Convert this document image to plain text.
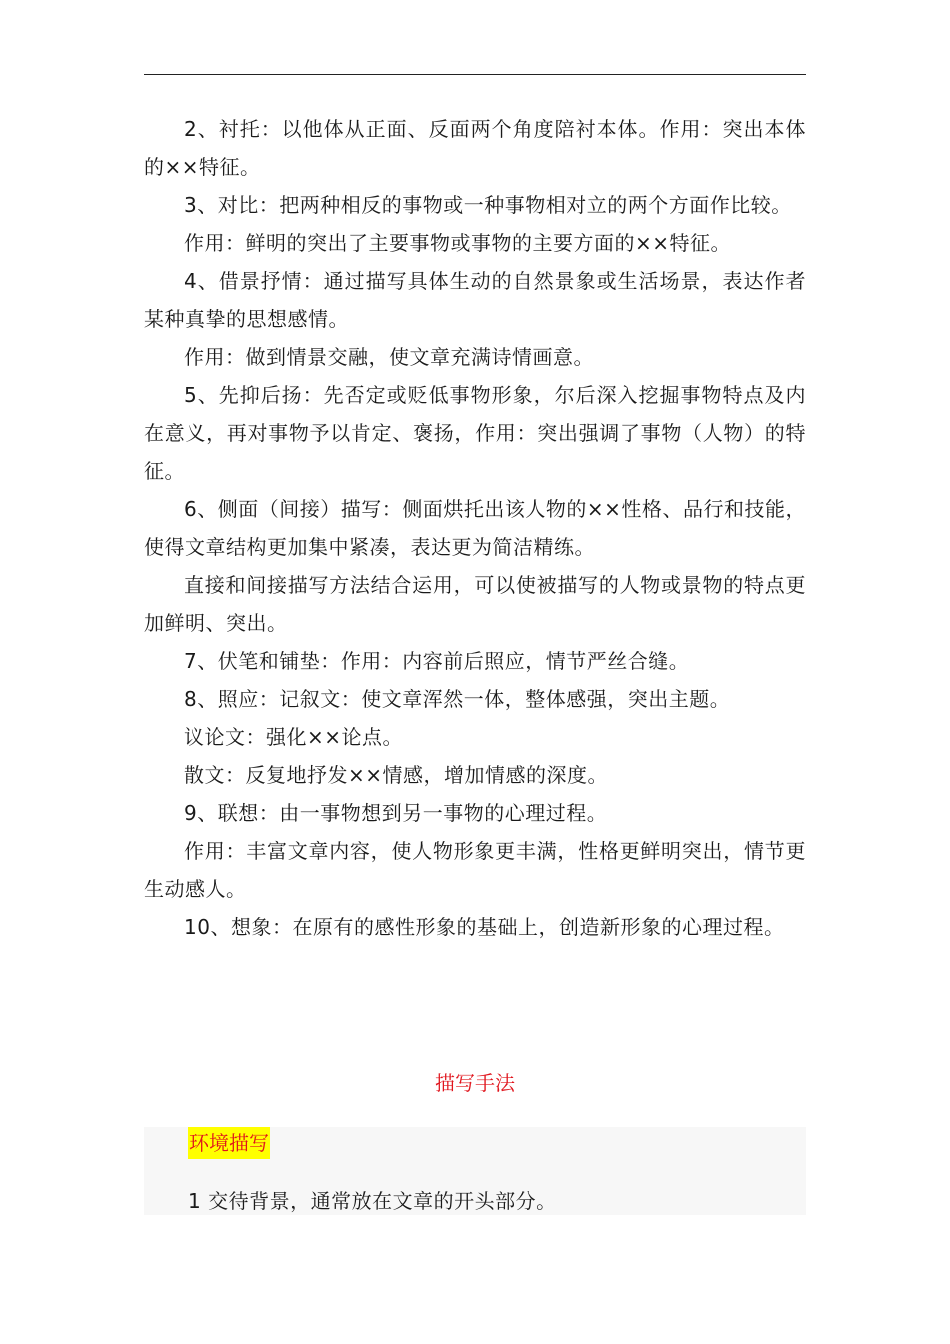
2、衬托：以他体从正面、反面两个角度陪衬本体。作用：突出本体的××特征。

3、对比：把两种相反的事物或一种事物相对立的两个方面作比较。

作用：鲜明的突出了主要事物或事物的主要方面的××特征。

4、借景抒情：通过描写具体生动的自然景象或生活场景，表达作者某种真挚的思想感情。

作用：做到情景交融，使文章充满诗情画意。

5、先抑后扬：先否定或贬低事物形象，尔后深入挖掘事物特点及内在意义，再对事物予以肯定、褒扬，作用：突出强调了事物（人物）的特征。

6、侧面（间接）描写：侧面烘托出该人物的××性格、品行和技能，使得文章结构更加集中紧凑，表达更为简洁精练。

直接和间接描写方法结合运用，可以使被描写的人物或景物的特点更加鲜明、突出。

7、伏笔和铺垫：作用：内容前后照应，情节严丝合缝。

8、照应：记叙文：使文章浑然一体，整体感强，突出主题。

议论文：强化××论点。

散文：反复地抒发××情感，增加情感的深度。

9、联想：由一事物想到另一事物的心理过程。

作用：丰富文章内容，使人物形象更丰满，性格更鲜明突出，情节更生动感人。

10、想象：在原有的感性形象的基础上，创造新形象的心理过程。

描写手法
环境描写
1 交待背景，通常放在文章的开头部分。
